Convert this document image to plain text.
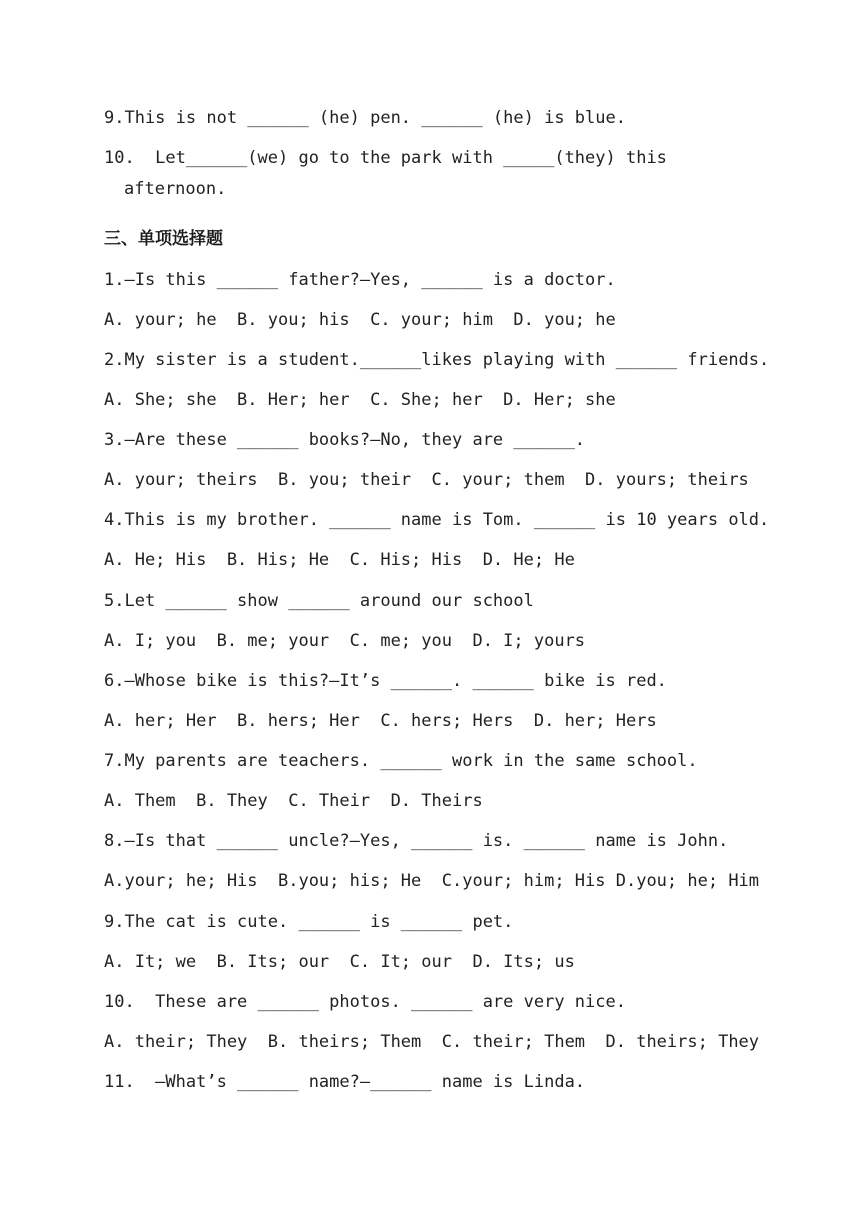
9.This is not ______ (he) pen. ______ (he) is blue.
10.  Let______(we) go to the park with _____(they) this
afternoon.
三、单项选择题
1.—Is this ______ father?—Yes, ______ is a doctor.
A. your; he  B. you; his  C. your; him  D. you; he
2.My sister is a student.______likes playing with ______ friends.
A. She; she  B. Her; her  C. She; her  D. Her; she
3.—Are these ______ books?—No, they are ______.
A. your; theirs  B. you; their  C. your; them  D. yours; theirs
4.This is my brother. ______ name is Tom. ______ is 10 years old.
A. He; His  B. His; He  C. His; His  D. He; He
5.Let ______ show ______ around our school
A. I; you  B. me; your  C. me; you  D. I; yours
6.—Whose bike is this?—It’s ______. ______ bike is red.
A. her; Her  B. hers; Her  C. hers; Hers  D. her; Hers
7.My parents are teachers. ______ work in the same school.
A. Them  B. They  C. Their  D. Theirs
8.—Is that ______ uncle?—Yes, ______ is. ______ name is John.
A.your; he; His  B.you; his; He  C.your; him; His D.you; he; Him
9.The cat is cute. ______ is ______ pet.
A. It; we  B. Its; our  C. It; our  D. Its; us
10.  These are ______ photos. ______ are very nice.
A. their; They  B. theirs; Them  C. their; Them  D. theirs; They
11.  —What’s ______ name?—______ name is Linda.
